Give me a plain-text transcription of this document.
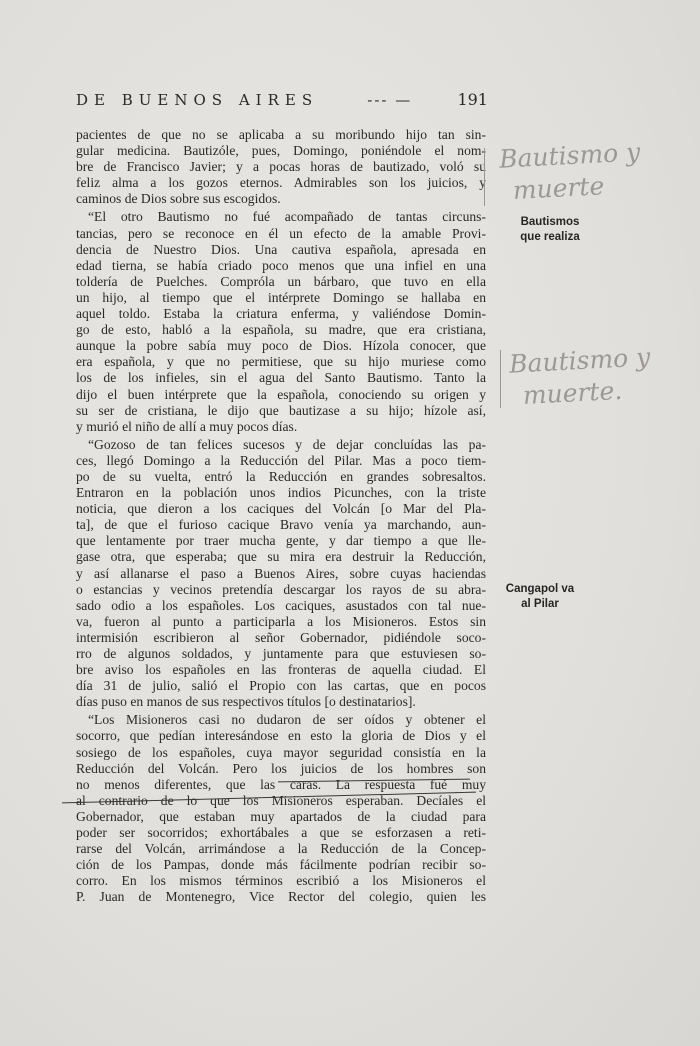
DE BUENOS AIRES	--- —	191
pacientes de que no se aplicaba a su moribundo hijo tan sin-
gular medicina. Bautizóle, pues, Domingo, poniéndole el nom-
bre de Francisco Javier; y a pocas horas de bautizado, voló su
feliz alma a los gozos eternos. Admirables son los juicios, y
caminos de Dios sobre sus escogidos.
“El otro Bautismo no fué acompañado de tantas circuns-
tancias, pero se reconoce en él un efecto de la amable Provi-
dencia de Nuestro Dios. Una cautiva española, apresada en
edad tierna, se había criado poco menos que una infiel en una
toldería de Puelches. Compróla un bárbaro, que tuvo en ella
un hijo, al tiempo que el intérprete Domingo se hallaba en
aquel toldo. Estaba la criatura enferma, y valiéndose Domin-
go de esto, habló a la española, su madre, que era cristiana,
aunque la pobre sabía muy poco de Dios. Hízola conocer, que
era española, y que no permitiese, que su hijo muriese como
los de los infieles, sin el agua del Santo Bautismo. Tanto la
dijo el buen intérprete que la española, conociendo su origen y
su ser de cristiana, le dijo que bautizase a su hijo; hízole así,
y murió el niño de allí a muy pocos días.
“Gozoso de tan felices sucesos y de dejar concluídas las pa-
ces, llegó Domingo a la Reducción del Pilar. Mas a poco tiem-
po de su vuelta, entró la Reducción en grandes sobresaltos.
Entraron en la población unos indios Picunches, con la triste
noticia, que dieron a los caciques del Volcán [o Mar del Pla-
ta], de que el furioso cacique Bravo venía ya marchando, aun-
que lentamente por traer mucha gente, y dar tiempo a que lle-
gase otra, que esperaba; que su mira era destruir la Reducción,
y así allanarse el paso a Buenos Aires, sobre cuyas haciendas
o estancias y vecinos pretendía descargar los rayos de su abra-
sado odio a los españoles. Los caciques, asustados con tal nue-
va, fueron al punto a participarla a los Misioneros. Estos sin
intermisión escribieron al señor Gobernador, pidiéndole soco-
rro de algunos soldados, y juntamente para que estuviesen so-
bre aviso los españoles en las fronteras de aquella ciudad. El
día 31 de julio, salió el Propio con las cartas, que en pocos
días puso en manos de sus respectivos títulos [o destinatarios].
“Los Misioneros casi no dudaron de ser oídos y obtener el
socorro, que pedían interesándose en esto la gloria de Dios y el
sosiego de los españoles, cuya mayor seguridad consistía en la
Reducción del Volcán. Pero los juicios de los hombres son
no menos diferentes, que las caras. La respuesta fué muy
al contrario de lo que los Misioneros esperaban. Decíales el
Gobernador, que estaban muy apartados de la ciudad para
poder ser socorridos; exhortábales a que se esforzasen a reti-
rarse del Volcán, arrimándose a la Reducción de la Concep-
ción de los Pampas, donde más fácilmente podrían recibir so-
corro. En los mismos términos escribió a los Misioneros el
P. Juan de Montenegro, Vice Rector del colegio, quien les
Bautismos
que realiza
Cangapol va
al Pilar
Bautismo y
muerte
Bautismo y
muerte.
